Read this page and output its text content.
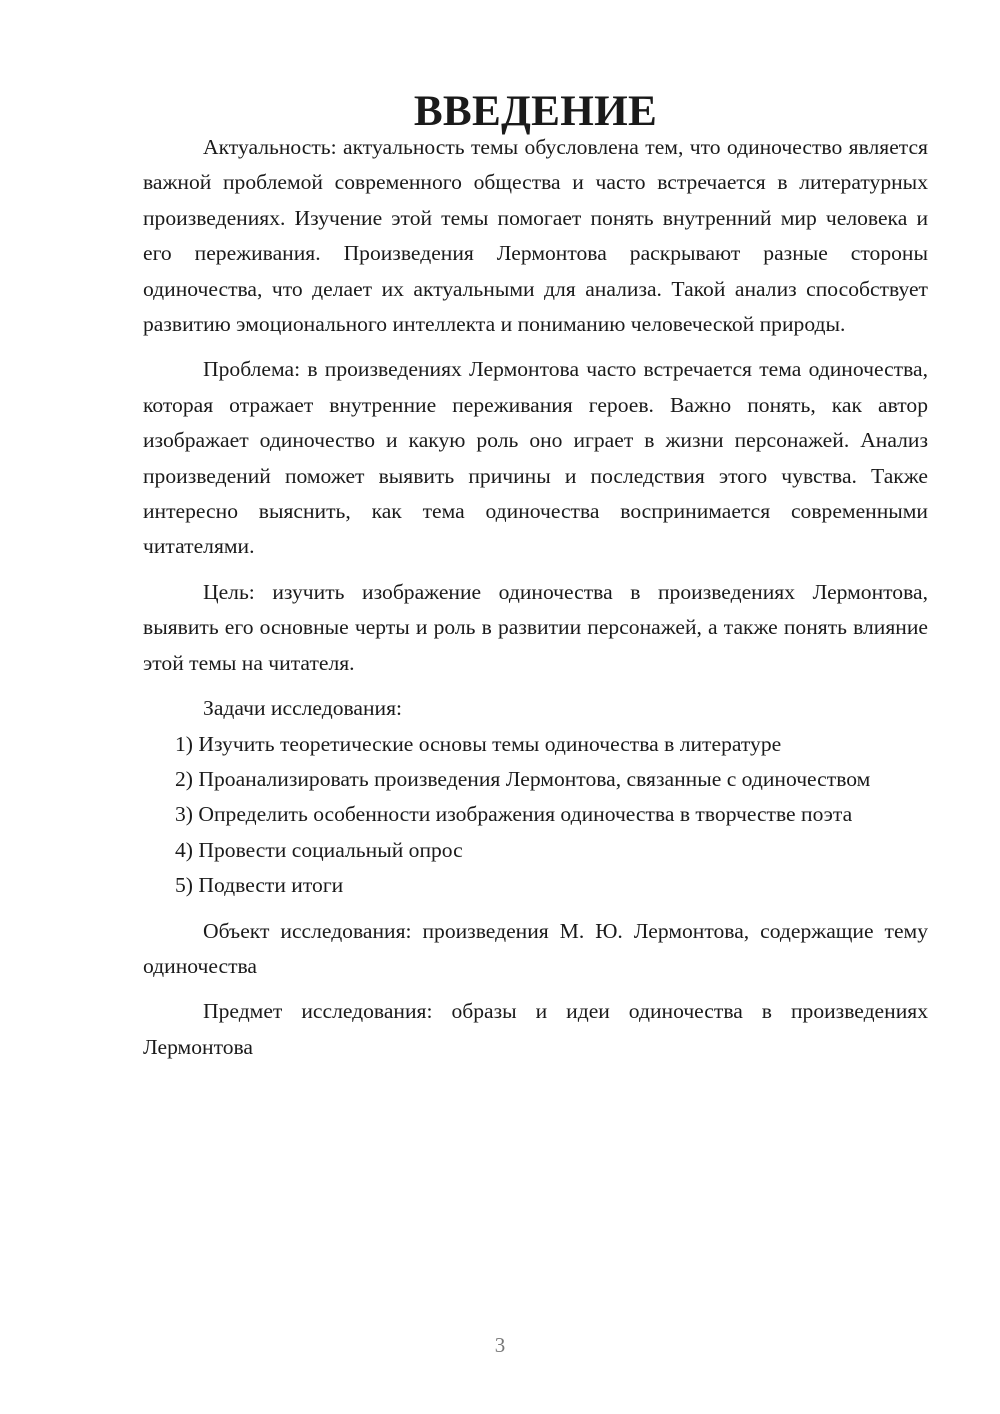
ВВЕДЕНИЕ

Актуальность: актуальность темы обусловлена тем, что одиночество является важной проблемой современного общества и часто встречается в литературных произведениях. Изучение этой темы помогает понять внутренний мир человека и его переживания. Произведения Лермонтова раскрывают разные стороны одиночества, что делает их актуальными для анализа. Такой анализ способствует развитию эмоционального интеллекта и пониманию человеческой природы.

Проблема: в произведениях Лермонтова часто встречается тема одиночества, которая отражает внутренние переживания героев. Важно понять, как автор изображает одиночество и какую роль оно играет в жизни персонажей. Анализ произведений поможет выявить причины и последствия этого чувства. Также интересно выяснить, как тема одиночества воспринимается современными читателями.

Цель: изучить изображение одиночества в произведениях Лермонтова, выявить его основные черты и роль в развитии персонажей, а также понять влияние этой темы на читателя.

Задачи исследования:

1) Изучить теоретические основы темы одиночества в литературе

2) Проанализировать произведения Лермонтова, связанные с одиночеством

3) Определить особенности изображения одиночества в творчестве поэта

4) Провести социальный опрос

5) Подвести итоги

Объект исследования: произведения М. Ю. Лермонтова, содержащие тему одиночества

Предмет исследования: образы и идеи одиночества в произведениях Лермонтова

3
